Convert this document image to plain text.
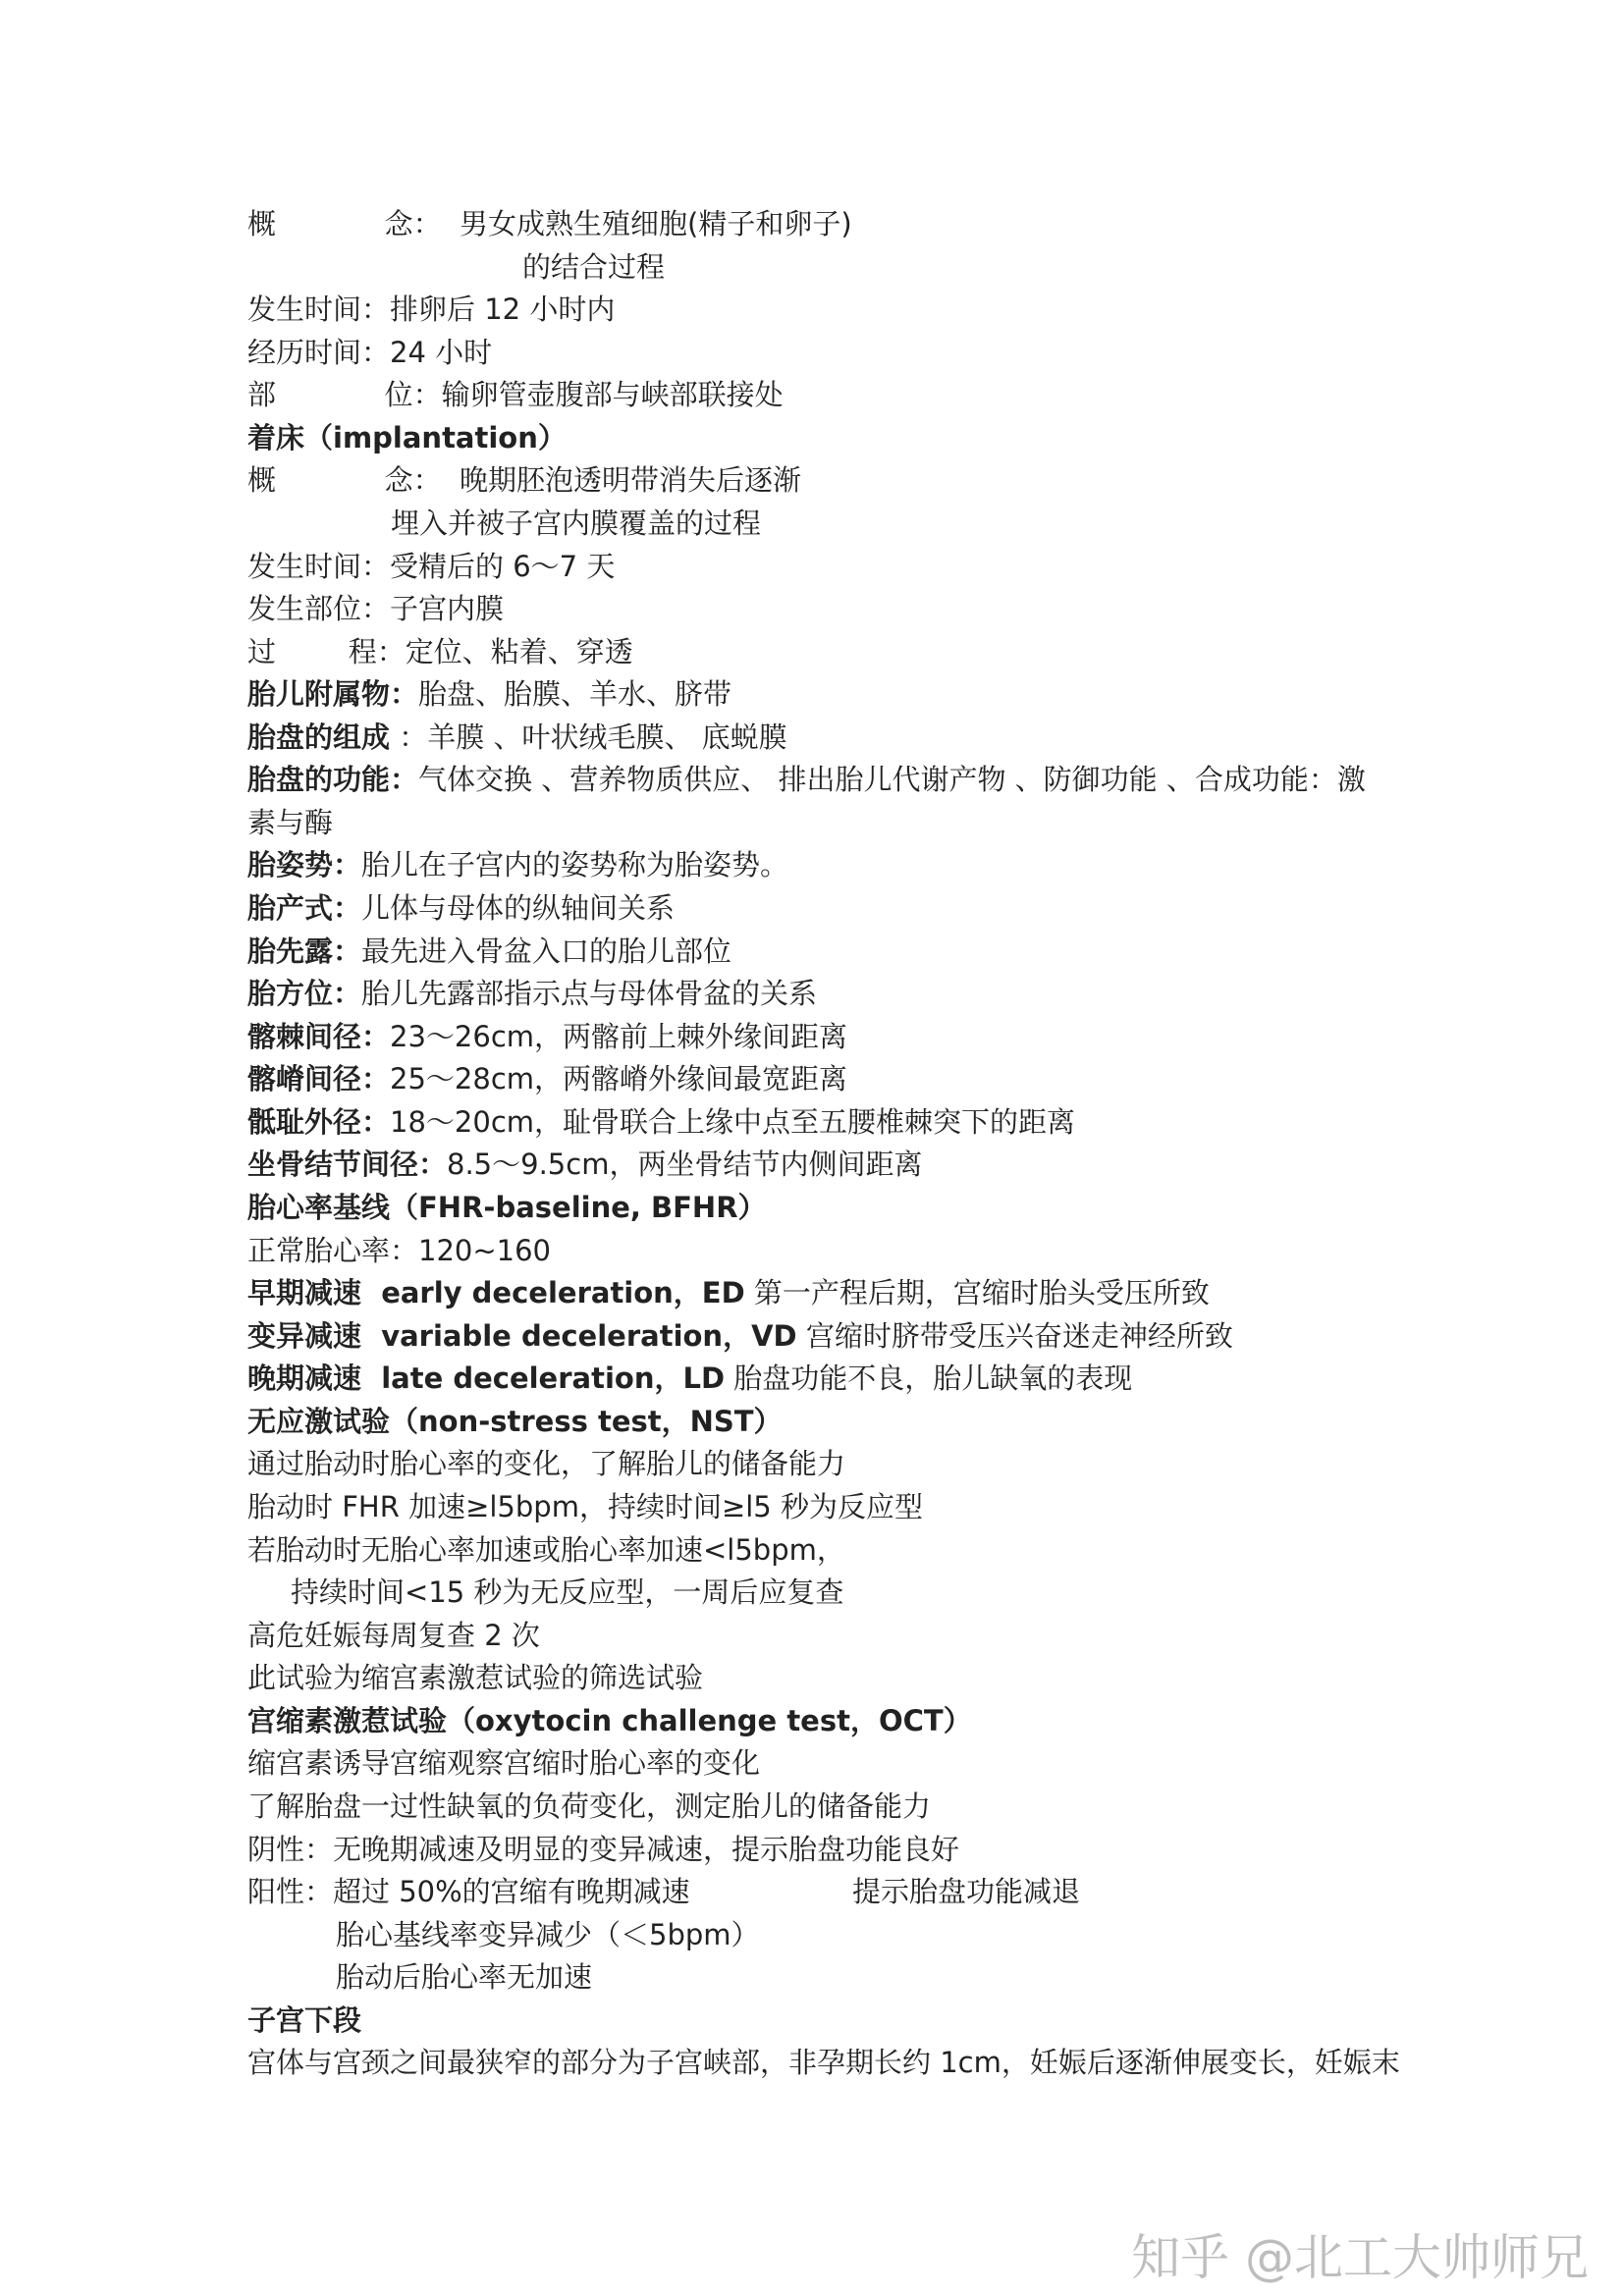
概            念：  男女成熟生殖细胞(精子和卵子)
的结合过程
发生时间：排卵后 12 小时内
经历时间：24 小时
部            位：输卵管壶腹部与峡部联接处
着床（implantation）
概            念：  晚期胚泡透明带消失后逐渐
埋入并被子宫内膜覆盖的过程
发生时间：受精后的 6～7 天
发生部位：子宫内膜
过        程：定位、粘着、穿透
胎儿附属物：胎盘、胎膜、羊水、脐带
胎盘的组成 ：羊膜 、叶状绒毛膜、 底蜕膜
胎盘的功能：气体交换 、营养物质供应、 排出胎儿代谢产物 、防御功能 、合成功能：激
素与酶
胎姿势：胎儿在子宫内的姿势称为胎姿势。
胎产式：儿体与母体的纵轴间关系
胎先露：最先进入骨盆入口的胎儿部位
胎方位：胎儿先露部指示点与母体骨盆的关系
髂棘间径：23～26cm，两髂前上棘外缘间距离
髂嵴间径：25～28cm，两髂嵴外缘间最宽距离
骶耻外径：18～20cm，耻骨联合上缘中点至五腰椎棘突下的距离
坐骨结节间径：8.5～9.5cm，两坐骨结节内侧间距离
胎心率基线（FHR-baseline, BFHR）
正常胎心率：120~160
早期减速  early deceleration，ED 第一产程后期，宫缩时胎头受压所致
变异减速  variable deceleration，VD 宫缩时脐带受压兴奋迷走神经所致
晚期减速  late deceleration，LD 胎盘功能不良，胎儿缺氧的表现
无应激试验（non-stress test，NST）
通过胎动时胎心率的变化，了解胎儿的储备能力
胎动时 FHR 加速≥l5bpm，持续时间≥l5 秒为反应型
若胎动时无胎心率加速或胎心率加速<l5bpm，
持续时间<15 秒为无反应型，一周后应复查
高危妊娠每周复查 2 次
此试验为缩宫素激惹试验的筛选试验
宫缩素激惹试验（oxytocin challenge test，OCT）
缩宫素诱导宫缩观察宫缩时胎心率的变化
了解胎盘一过性缺氧的负荷变化，测定胎儿的储备能力
阴性：无晚期减速及明显的变异减速，提示胎盘功能良好
阳性：超过 50%的宫缩有晚期减速	提示胎盘功能减退
胎心基线率变异减少（＜5bpm）
胎动后胎心率无加速
子宫下段
宫体与宫颈之间最狭窄的部分为子宫峡部，非孕期长约 1cm，妊娠后逐渐伸展变长，妊娠末
知乎 @北工大帅师兄
